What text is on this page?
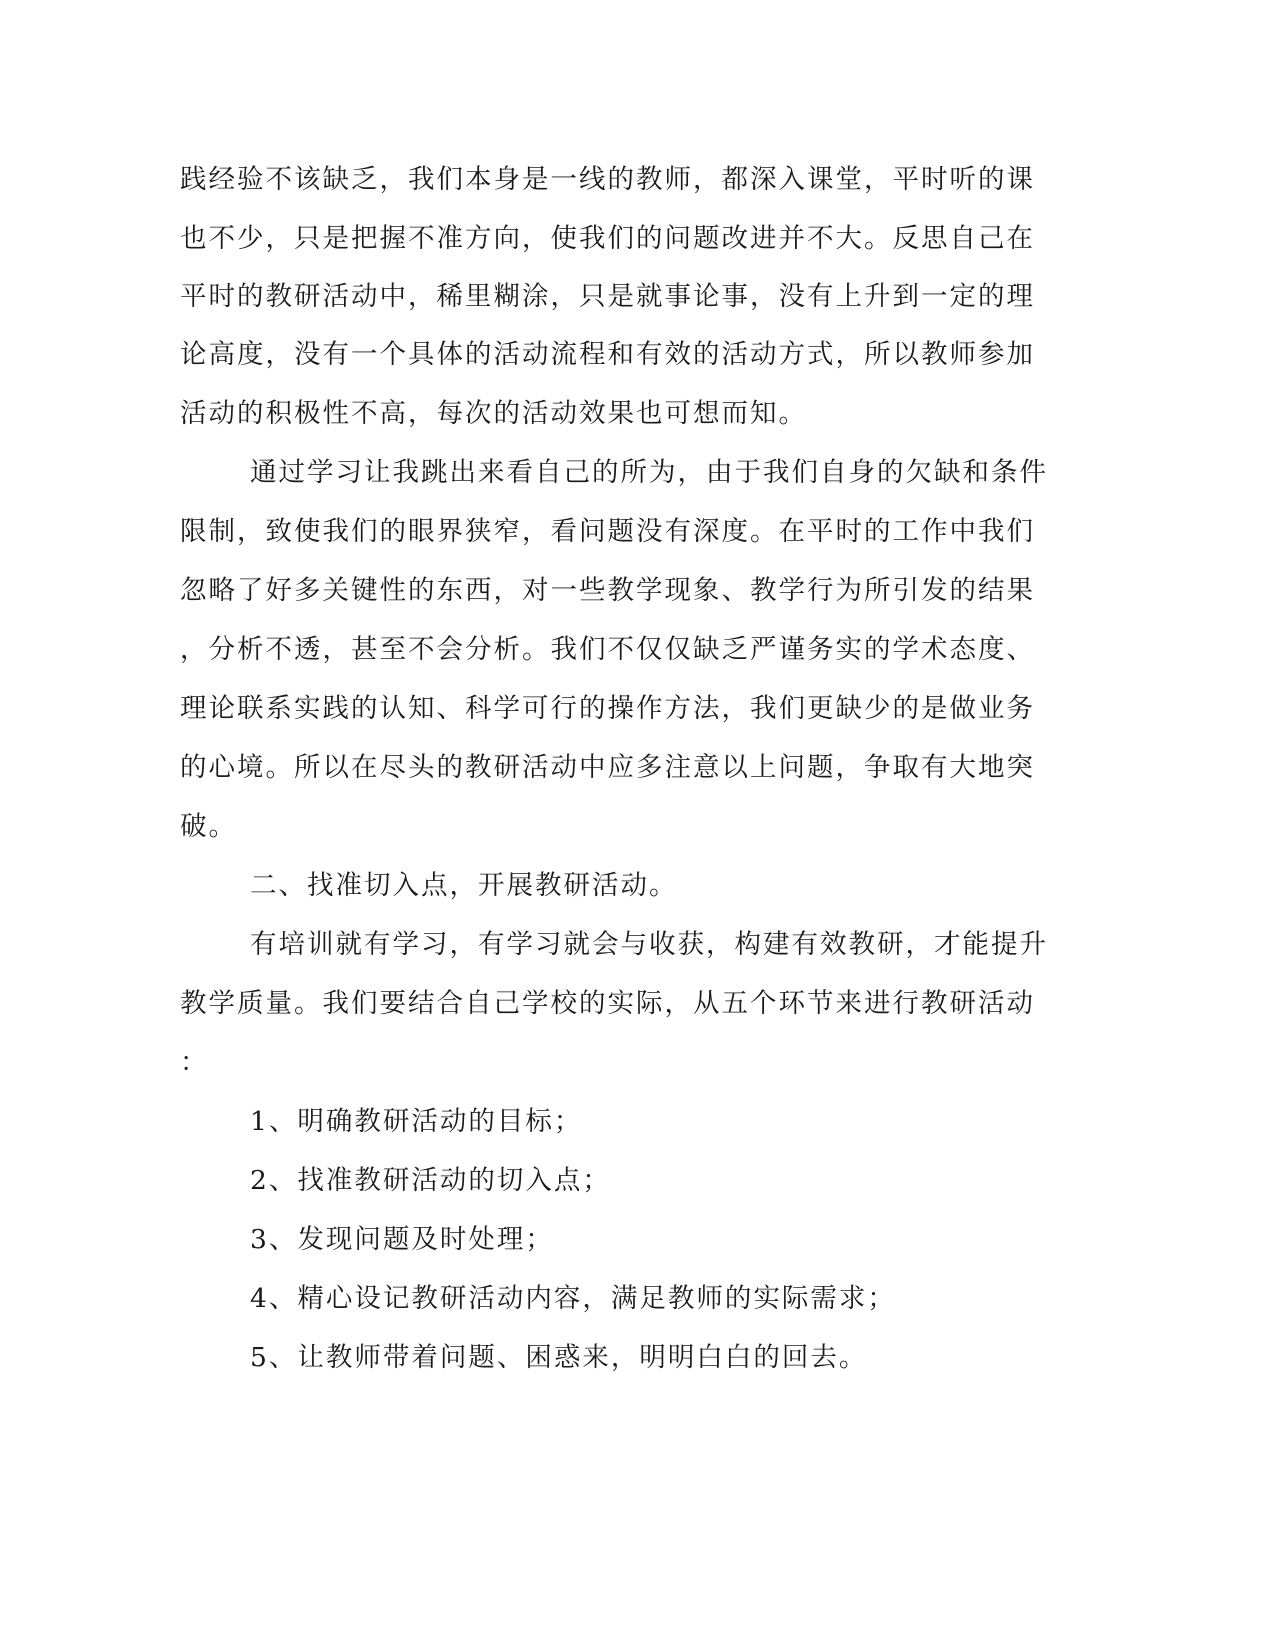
践经验不该缺乏，我们本身是一线的教师，都深入课堂，平时听的课
也不少，只是把握不准方向，使我们的问题改进并不大。反思自己在
平时的教研活动中，稀里糊涂，只是就事论事，没有上升到一定的理
论高度，没有一个具体的活动流程和有效的活动方式，所以教师参加
活动的积极性不高，每次的活动效果也可想而知。
通过学习让我跳出来看自己的所为，由于我们自身的欠缺和条件
限制，致使我们的眼界狭窄，看问题没有深度。在平时的工作中我们
忽略了好多关键性的东西，对一些教学现象、教学行为所引发的结果
，分析不透，甚至不会分析。我们不仅仅缺乏严谨务实的学术态度、
理论联系实践的认知、科学可行的操作方法，我们更缺少的是做业务
的心境。所以在尽头的教研活动中应多注意以上问题，争取有大地突
破。
二、找准切入点，开展教研活动。
有培训就有学习，有学习就会与收获，构建有效教研，才能提升
教学质量。我们要结合自己学校的实际，从五个环节来进行教研活动
：
1、明确教研活动的目标；
2、找准教研活动的切入点；
3、发现问题及时处理；
4、精心设记教研活动内容，满足教师的实际需求；
5、让教师带着问题、困惑来，明明白白的回去。
